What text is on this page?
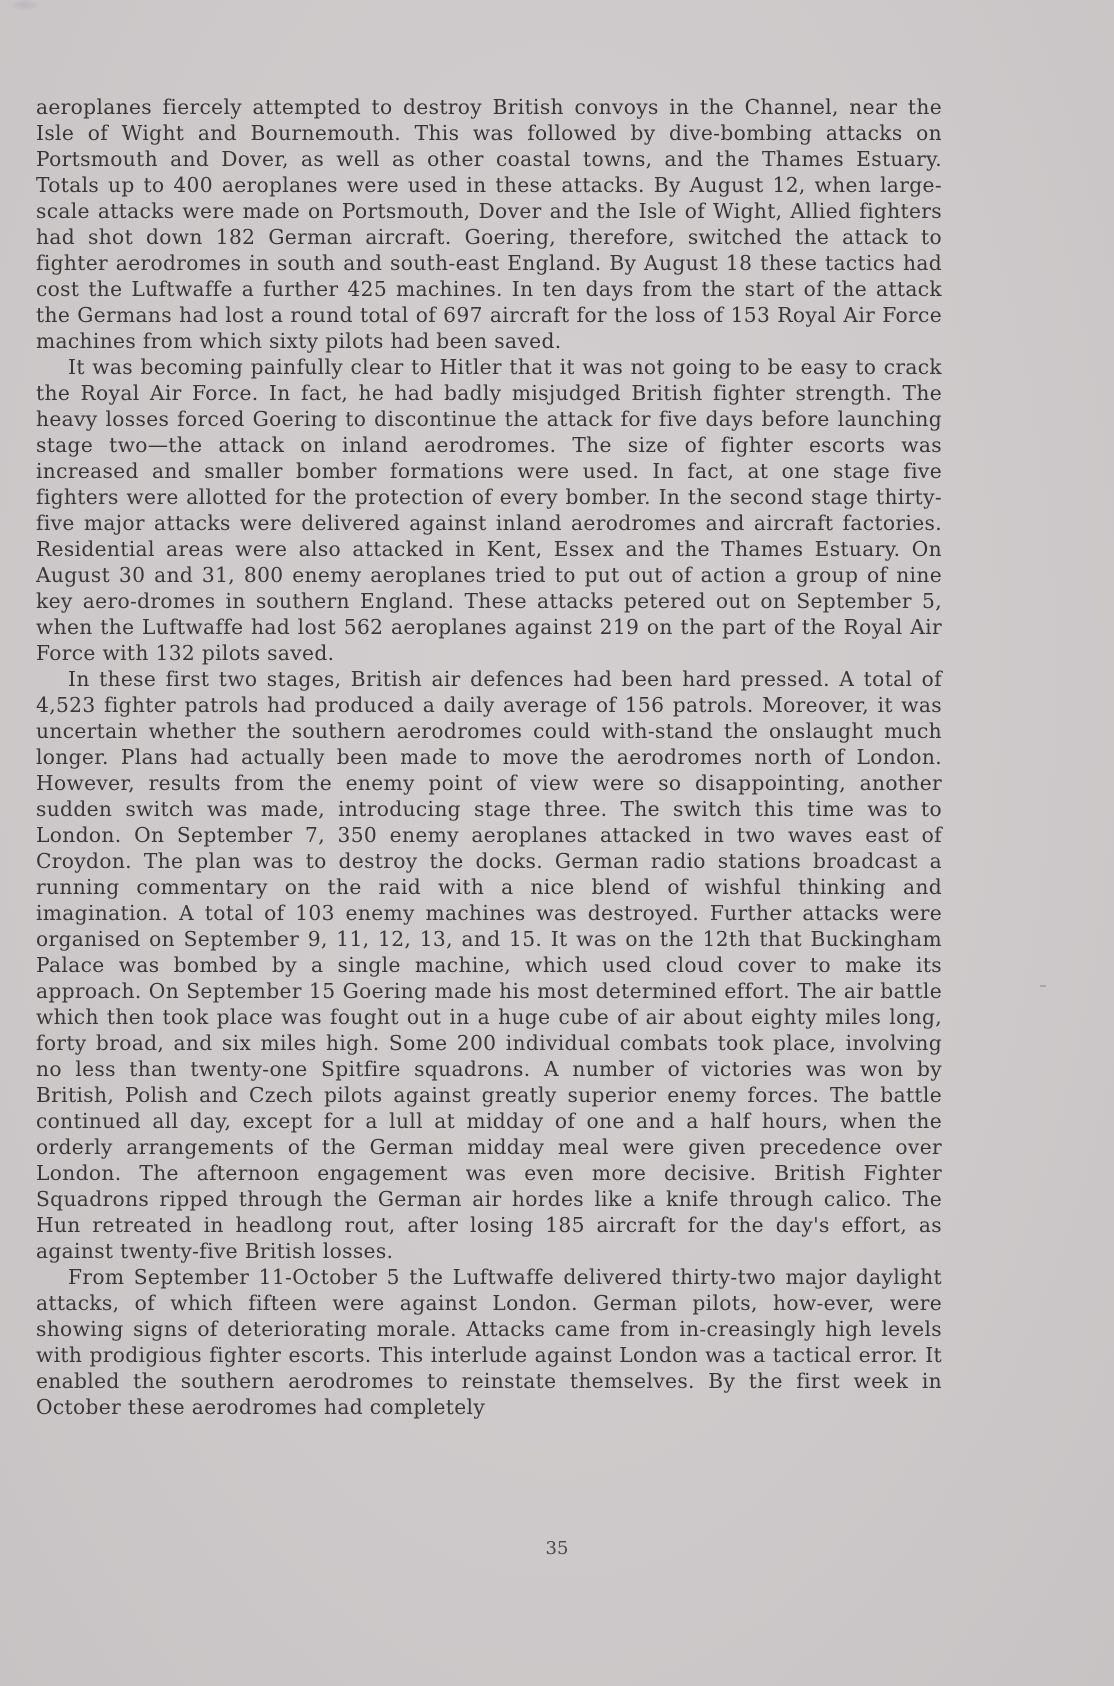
aeroplanes fiercely attempted to destroy British convoys in the Channel, near the Isle of Wight and Bournemouth. This was followed by dive-bombing attacks on Portsmouth and Dover, as well as other coastal towns, and the Thames Estuary. Totals up to 400 aeroplanes were used in these attacks. By August 12, when large-scale attacks were made on Portsmouth, Dover and the Isle of Wight, Allied fighters had shot down 182 German aircraft. Goering, therefore, switched the attack to fighter aerodromes in south and south-east England. By August 18 these tactics had cost the Luftwaffe a further 425 machines. In ten days from the start of the attack the Germans had lost a round total of 697 aircraft for the loss of 153 Royal Air Force machines from which sixty pilots had been saved.

It was becoming painfully clear to Hitler that it was not going to be easy to crack the Royal Air Force. In fact, he had badly misjudged British fighter strength. The heavy losses forced Goering to discontinue the attack for five days before launching stage two—the attack on inland aerodromes. The size of fighter escorts was increased and smaller bomber formations were used. In fact, at one stage five fighters were allotted for the protection of every bomber. In the second stage thirty-five major attacks were delivered against inland aerodromes and aircraft factories. Residential areas were also attacked in Kent, Essex and the Thames Estuary. On August 30 and 31, 800 enemy aeroplanes tried to put out of action a group of nine key aero-dromes in southern England. These attacks petered out on September 5, when the Luftwaffe had lost 562 aeroplanes against 219 on the part of the Royal Air Force with 132 pilots saved.

In these first two stages, British air defences had been hard pressed. A total of 4,523 fighter patrols had produced a daily average of 156 patrols. Moreover, it was uncertain whether the southern aerodromes could with-stand the onslaught much longer. Plans had actually been made to move the aerodromes north of London. However, results from the enemy point of view were so disappointing, another sudden switch was made, introducing stage three. The switch this time was to London. On September 7, 350 enemy aeroplanes attacked in two waves east of Croydon. The plan was to destroy the docks. German radio stations broadcast a running commentary on the raid with a nice blend of wishful thinking and imagination. A total of 103 enemy machines was destroyed. Further attacks were organised on September 9, 11, 12, 13, and 15. It was on the 12th that Buckingham Palace was bombed by a single machine, which used cloud cover to make its approach. On September 15 Goering made his most determined effort. The air battle which then took place was fought out in a huge cube of air about eighty miles long, forty broad, and six miles high. Some 200 individual combats took place, involving no less than twenty-one Spitfire squadrons. A number of victories was won by British, Polish and Czech pilots against greatly superior enemy forces. The battle continued all day, except for a lull at midday of one and a half hours, when the orderly arrangements of the German midday meal were given precedence over London. The afternoon engagement was even more decisive. British Fighter Squadrons ripped through the German air hordes like a knife through calico. The Hun retreated in headlong rout, after losing 185 aircraft for the day's effort, as against twenty-five British losses.

From September 11-October 5 the Luftwaffe delivered thirty-two major daylight attacks, of which fifteen were against London. German pilots, how-ever, were showing signs of deteriorating morale. Attacks came from in-creasingly high levels with prodigious fighter escorts. This interlude against London was a tactical error. It enabled the southern aerodromes to reinstate themselves. By the first week in October these aerodromes had completely

35
